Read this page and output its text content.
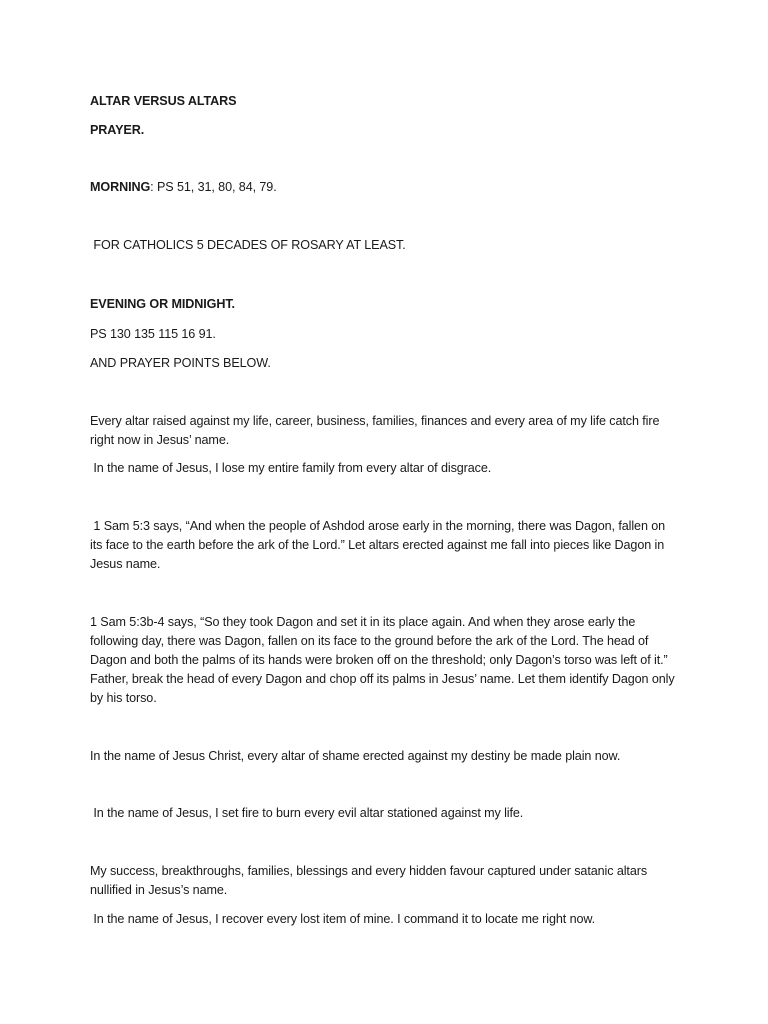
ALTAR VERSUS ALTARS
PRAYER.
MORNING: PS 51, 31, 80, 84, 79.
FOR CATHOLICS 5 DECADES OF ROSARY AT LEAST.
EVENING OR MIDNIGHT.
PS 130 135 115 16 91.
AND PRAYER POINTS BELOW.
Every altar raised against my life, career, business, families, finances and every area of my life catch fire right now in Jesus’ name.
In the name of Jesus, I lose my entire family from every altar of disgrace.
1 Sam 5:3 says, “And when the people of Ashdod arose early in the morning, there was Dagon, fallen on its face to the earth before the ark of the Lord.” Let altars erected against me fall into pieces like Dagon in Jesus name.
1 Sam 5:3b-4 says, “So they took Dagon and set it in its place again. And when they arose early the following day, there was Dagon, fallen on its face to the ground before the ark of the Lord. The head of Dagon and both the palms of its hands were broken off on the threshold; only Dagon’s torso was left of it.” Father, break the head of every Dagon and chop off its palms in Jesus’ name. Let them identify Dagon only by his torso.
In the name of Jesus Christ, every altar of shame erected against my destiny be made plain now.
In the name of Jesus, I set fire to burn every evil altar stationed against my life.
My success, breakthroughs, families, blessings and every hidden favour captured under satanic altars nullified in Jesus’s name.
In the name of Jesus, I recover every lost item of mine. I command it to locate me right now.
